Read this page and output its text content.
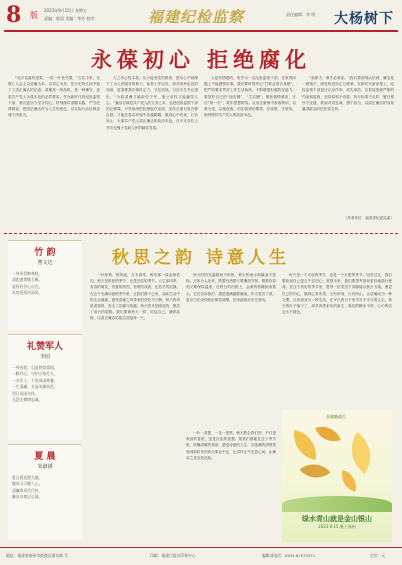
8 版
2023年9月15日 星期五
责编：陈国 美编：华芳 校对：	福建纪检监察	责任编辑：李 明 大杨树下
永葆初心 拒绝腐化

“花开花落终见果，一粒一叶皆关情。”古往今来，无数仁人志士以清廉为本，以初心为舟，在历史的长河中留下了清正廉洁的足迹。清廉是一种品格，是一种操守，更是共产党人永葆本色的必然要求。作为新时代的纪检监察干部，我们更应当坚守初心，时刻保持清醒头脑，严守纪律规矩，把清正廉洁作为人生的底色，以实际行动诠释忠诚干净担当。

人之初心性本善。从小接受党的教育，我们心中就埋下了为人民服务的种子。参加工作以后，面对形形色色的诱惑，更需要我们保持定力，守住底线。习近平总书记指出，“为政清廉才能取信于民，秉公用权才能赢得人心。”廉洁自律是共产党人的立身之本，也是纪检监察干部的必修课。只有始终把纪律挺在前面，坚持自重自省自警自励，才能在复杂环境中站稳脚跟，做到心中有戒、行有所止，永葆共产党人清正廉洁的政治本色，在平凡岗位上书写无愧于党和人民的精彩答卷。

人是有情感的，但作为一名纪检监察干部，在原则问题上不能感情用事。我们要时刻牢记“打铁必须自身硬”，把严的要求贯穿工作生活始终，不断增强拒腐防变能力。要管好自己的“朋友圈”、“生活圈”，慎独慎微慎初，守住“第一次”，筑牢思想防线。从身边案例中汲取教训，以案为鉴、以案促改，切实做到知敬畏、存戒惧、守底线，始终保持共产党人的政治本色。

“莫伸手，伸手必被捉。”我们要深刻认识到，廉洁是一面镜子，照见的是初心与使命。在新时代新征程上，纪检监察干部更应以身作则、率先垂范，自觉接受最严格的约束和监督，坚持原则不动摇、执行标准不走样、履行程序不变通，做到对党忠诚、勇于担当，以清正廉洁的形象赢得群众的信任和支持。

（作者单位：福建省纪委监委）
竹 韵
曹文达
一身风骨映寒秋，
清韵凌霄傲玉峰。
虚怀若谷心自在，
从容坦荡伴清风。
礼赞军人
李园
一身戎装，尽显铁骨柔情。
一颗丹心，守护万家灯火。
一名军人，不畏风雨寒暑。
一生清廉，方显英雄本色。
烈日风雨为伴，
无怨无悔铸忠诚。
夏 晨
朱淑祺
夏日晨光照大地，
微风习习暖人心。
清廉家风代代传，
廉洁自律记心间。
秋思之韵 诗意人生

一叶知秋，秋风起，万木凋零，唯有那一抹金黄依旧。秋天是收获的季节，也是沉淀的季节。人生如四季，有春的萌发，有夏的热烈，有秋的成熟，也有冬的沉静。在这个充满诗意的季节里，让我们静下心来，品味生活中的点点滴滴，感受清廉之风带来的美好与宁静。秋天的风是清爽的，吹走了浮躁与喧嚣；秋天的月是明亮的，照亮了前行的道路。我们要像秋天一样，沉淀自己，涵养品格，以清正廉洁的姿态迎接每一天。

秋天的阳光温暖而不炽热，秋天的雨水细腻而不张扬。正如为人处世，既要有热情又要懂得节制，既要有原则又要保持温度。在秋日的田野上，金黄的稻穗低垂着头，它们告诉我们：越是饱满越要谦逊。作为党员干部，更应当在成绩面前保持清醒，在诱惑面前守住底线。

秋天是一个丰收的季节，也是一个反思的季节。回首过往，我们要检视自己是否不忘初心；展望未来，我们要思考如何更好地践行使命。在这个美好的季节里，愿每一位党员干部都能以秋天为镜，照见自己的内心，做到心有所畏、言有所戒、行有所止。让清廉成为一种习惯，让诗意成为一种生活，在平凡的日子里书写不平凡的人生。秋天的叶子落下了，却孕育着来年的新生；我们的脚步不停，心中的信念永不褪色。

一叶一菩提，一花一世界。秋天教会我们的，不仅是收获的喜悦，更是沉淀的智慧。愿我们都能在这个季节里，读懂清廉的真谛，感受诗意的人生，以饱满的热情投身到新时代的伟大事业中去，让清风正气充盈心间，让廉洁之花处处绽放。

金融廉政行
绿水青山就是金山银山
2023.9.15 摄于福州
地址：福建省福州市鼓楼区湖东路 号	印刷：福建日报社印务中心	编辑部电话：0591-87573371	定价：元
